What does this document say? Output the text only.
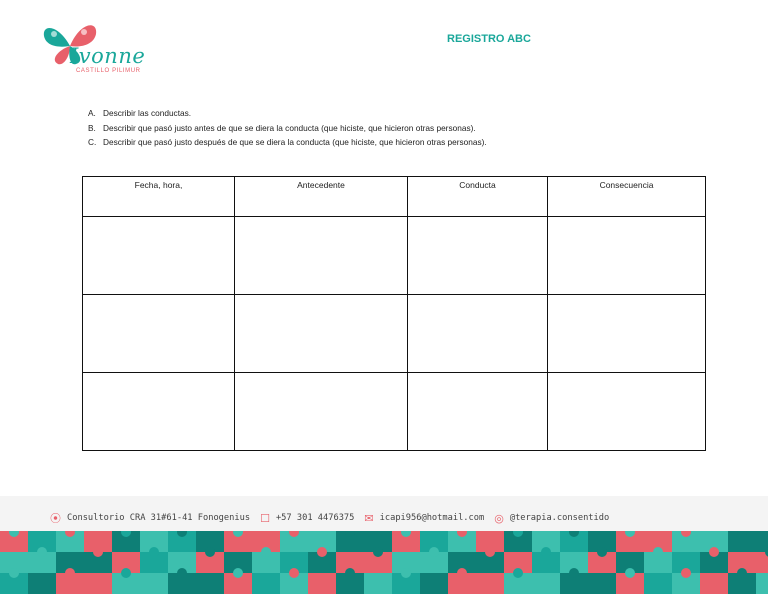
Ivonne
CASTILLO PILIMUR
REGISTRO ABC
A. Describir las conductas.
B. Describir que pasó justo antes de que se diera la conducta (que hiciste, que hicieron otras personas).
C. Describir que pasó justo después de que se diera la conducta (que hiciste, que hicieron otras personas).
Fecha, hora,	Antecedente	Conducta	Consecuencia

⦿ Consultorio CRA 31#61-41 Fonogenius ☐ +57 301 4476375 ✉ icapi956@hotmail.com ◎ @terapia.consentido
